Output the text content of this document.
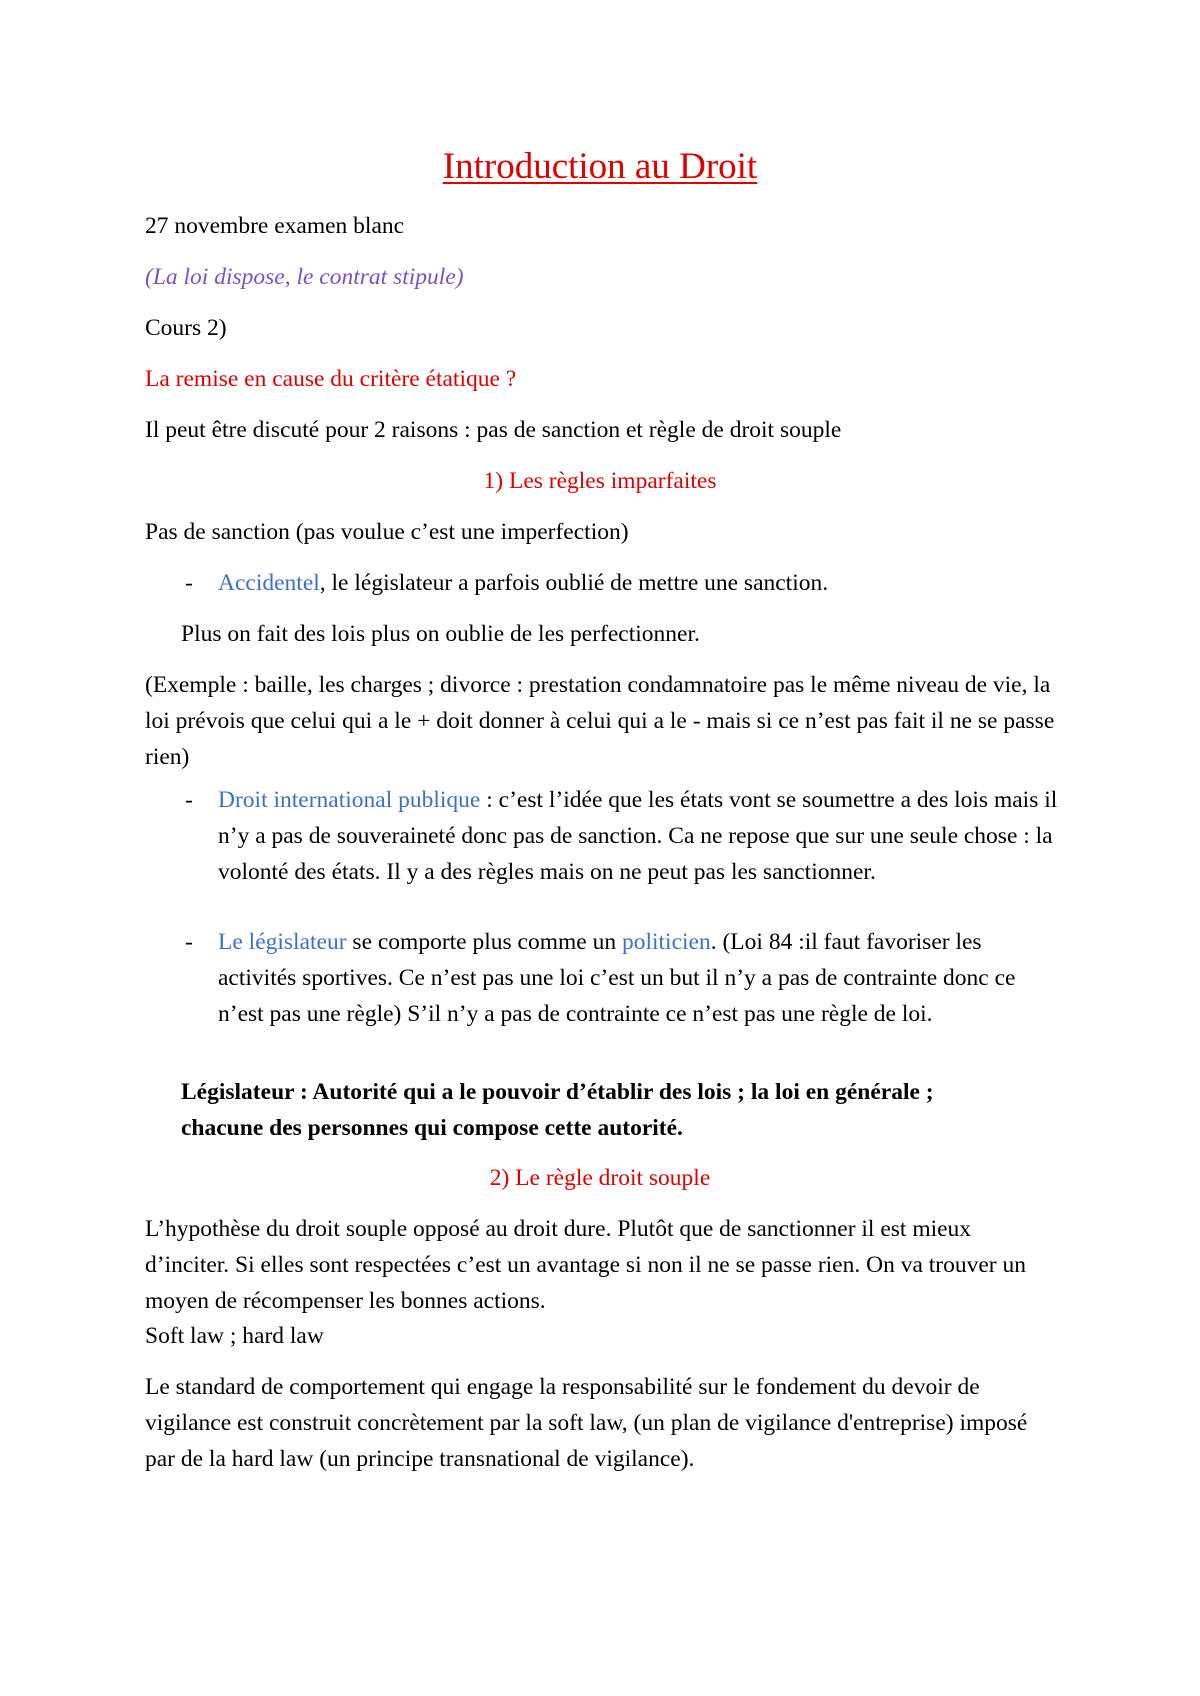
Introduction au Droit

27 novembre examen blanc

(La loi dispose, le contrat stipule)

Cours 2)

La remise en cause du critère étatique ?

Il peut être discuté pour 2 raisons : pas de sanction et règle de droit souple

1) Les règles imparfaites

Pas de sanction (pas voulue c’est une imperfection)

- Accidentel, le législateur a parfois oublié de mettre une sanction.

Plus on fait des lois plus on oublie de les perfectionner.

(Exemple : baille, les charges ; divorce : prestation condamnatoire pas le même niveau de vie, la loi prévois que celui qui a le + doit donner à celui qui a le - mais si ce n’est pas fait il ne se passe rien)

- Droit international publique : c’est l’idée que les états vont se soumettre a des lois mais il n’y a pas de souveraineté donc pas de sanction. Ca ne repose que sur une seule chose : la volonté des états. Il y a des règles mais on ne peut pas les sanctionner.
- Le législateur se comporte plus comme un politicien. (Loi 84 :il faut favoriser les activités sportives. Ce n’est pas une loi c’est un but il n’y a pas de contrainte donc ce n’est pas une règle) S’il n’y a pas de contrainte ce n’est pas une règle de loi.

Législateur : Autorité qui a le pouvoir d’établir des lois ; la loi en générale ; chacune des personnes qui compose cette autorité.

2) Le règle droit souple

L’hypothèse du droit souple opposé au droit dure. Plutôt que de sanctionner il est mieux d’inciter. Si elles sont respectées c’est un avantage si non il ne se passe rien. On va trouver un moyen de récompenser les bonnes actions.

Soft law ; hard law

Le standard de comportement qui engage la responsabilité sur le fondement du devoir de vigilance est construit concrètement par la soft law, (un plan de vigilance d'entreprise) imposé par de la hard law (un principe transnational de vigilance).
